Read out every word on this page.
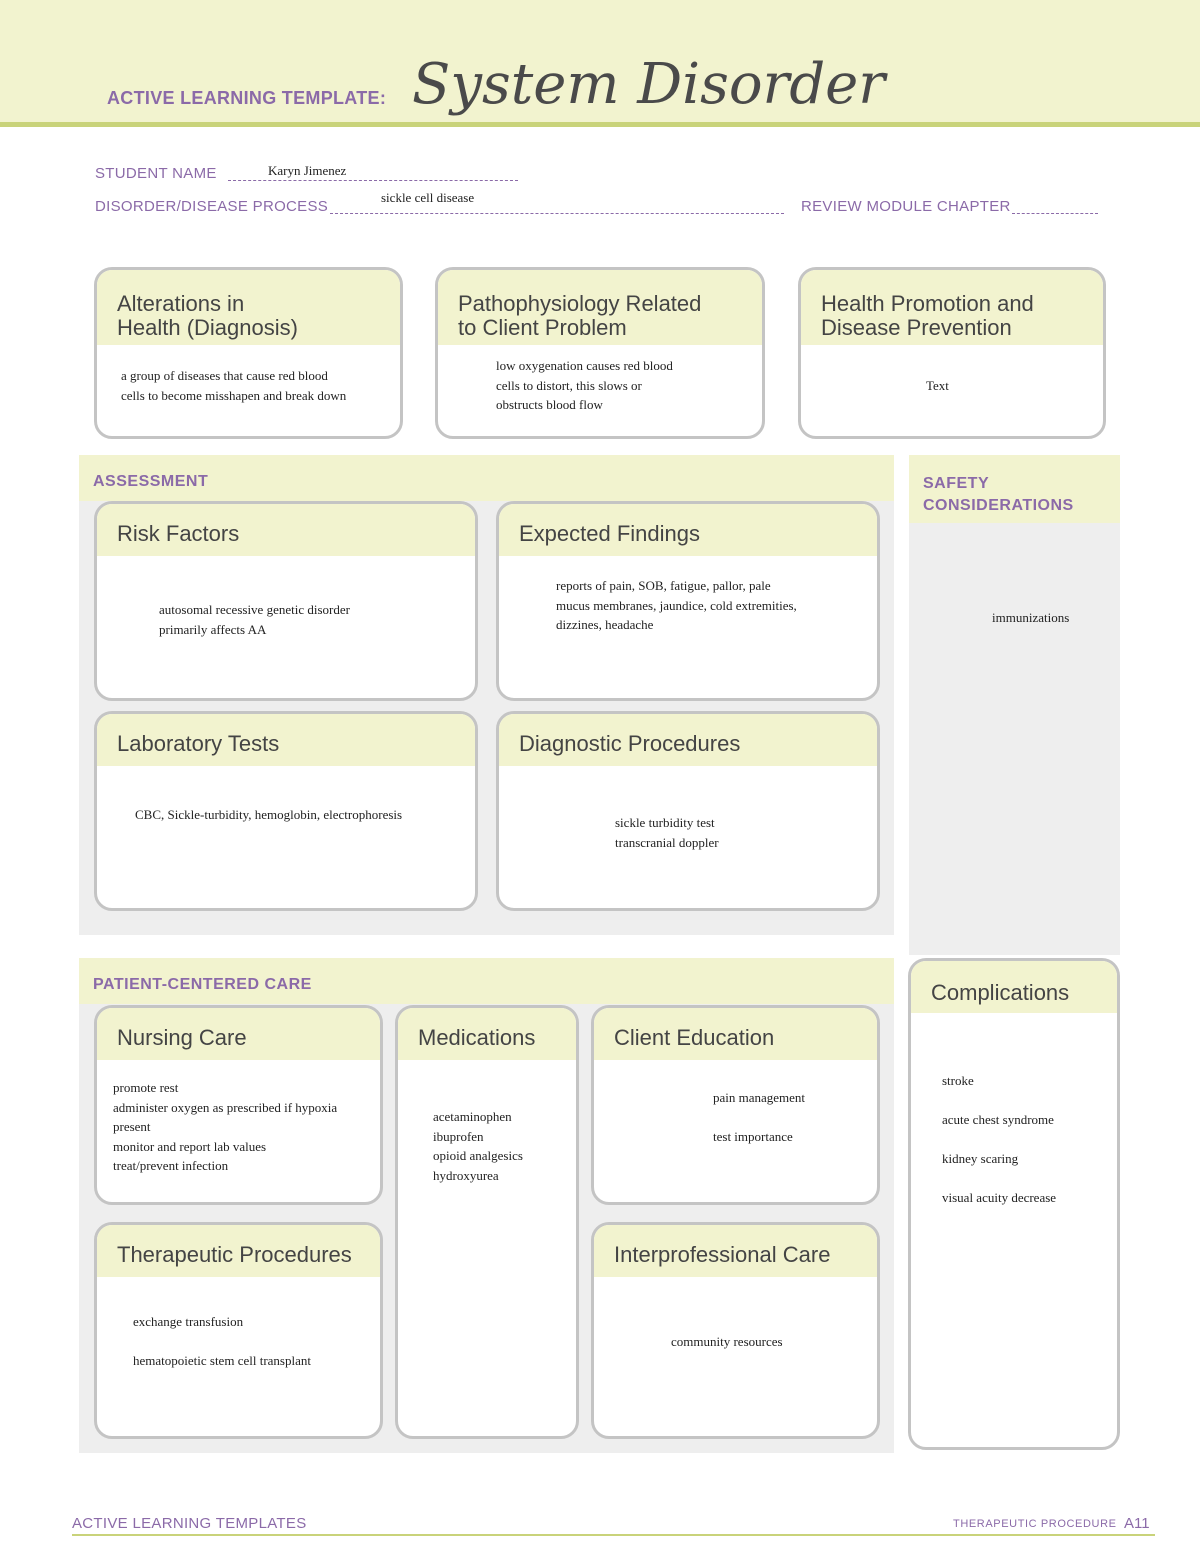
ACTIVE LEARNING TEMPLATE: System Disorder
STUDENT NAME	Karyn Jimenez
DISORDER/DISEASE PROCESS
sickle cell disease
REVIEW MODULE CHAPTER
Alterations in
Health (Diagnosis)
a group of diseases that cause red blood
cells to become misshapen and break down
Pathophysiology Related
to Client Problem
low oxygenation causes red blood
cells to distort, this slows or
obstructs blood flow
Health Promotion and
Disease Prevention
Text
ASSESSMENT
Risk Factors
autosomal recessive genetic disorder
primarily affects AA
Expected Findings
reports of pain, SOB, fatigue, pallor, pale
mucus membranes, jaundice, cold extremities,
dizzines, headache
Laboratory Tests
CBC, Sickle-turbidity, hemoglobin, electrophoresis
Diagnostic Procedures
sickle turbidity test
transcranial doppler
SAFETY
CONSIDERATIONS
immunizations
PATIENT-CENTERED CARE
Nursing Care
promote rest
administer oxygen as prescribed if hypoxia
present
monitor and report lab values
treat/prevent infection
Medications
acetaminophen
ibuprofen
opioid analgesics
hydroxyurea
Client Education
pain management

test importance
Therapeutic Procedures
exchange transfusion

hematopoietic stem cell transplant
Interprofessional Care
community resources
Complications
stroke

acute chest syndrome

kidney scaring

visual acuity decrease
ACTIVE LEARNING TEMPLATES	THERAPEUTIC PROCEDURE A11
